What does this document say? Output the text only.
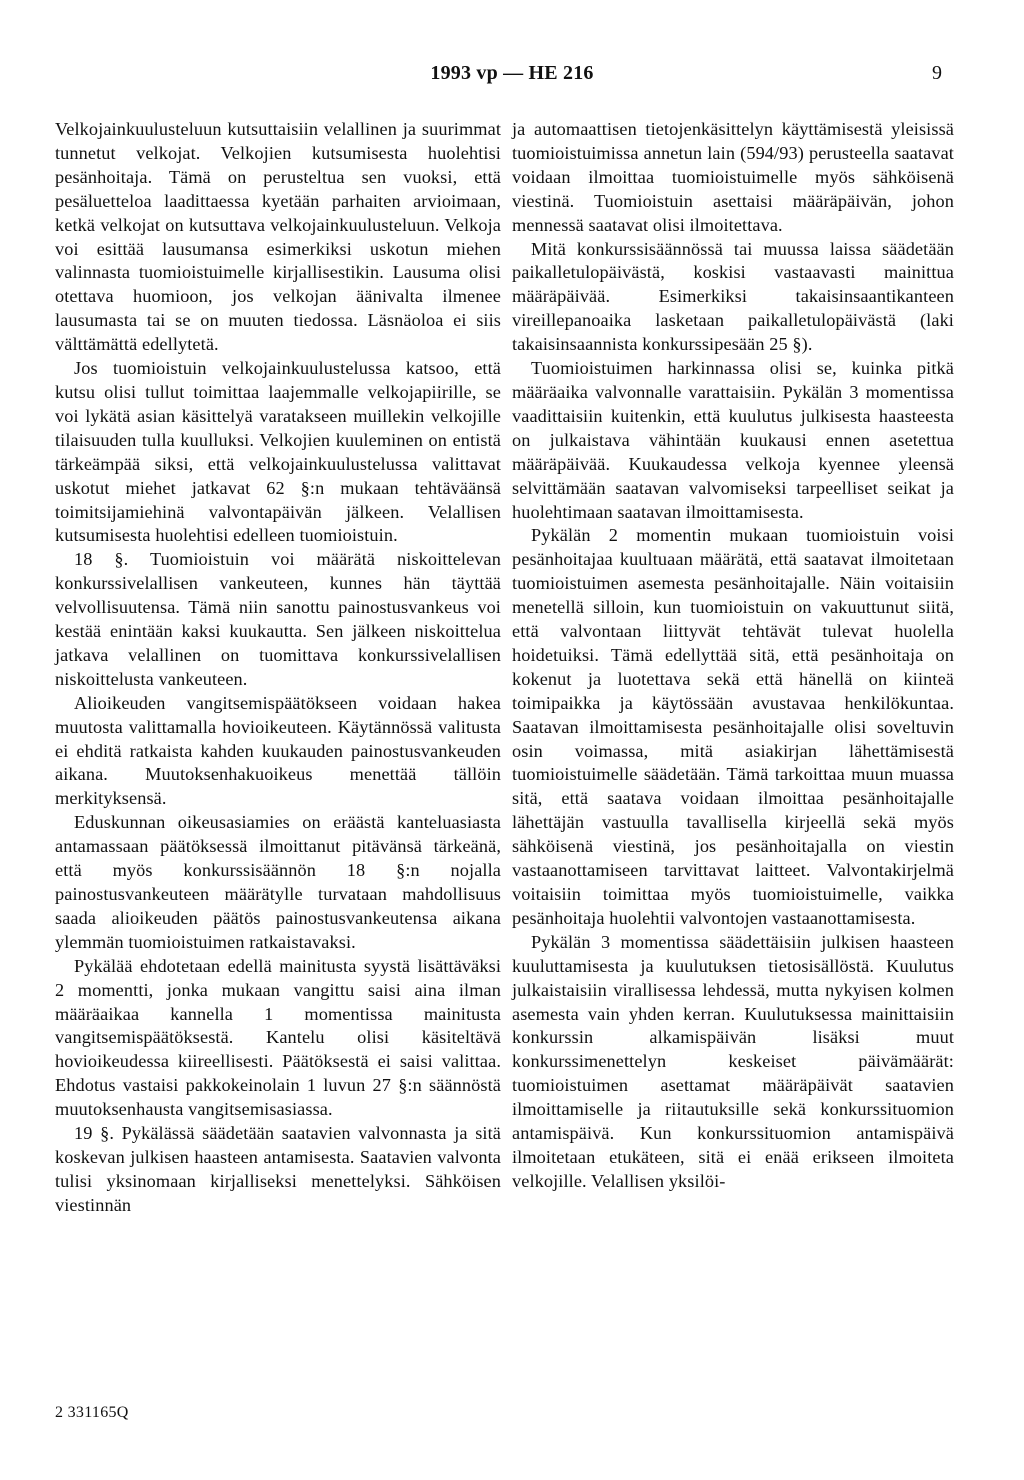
1993 vp — HE 216	9

Velkojainkuulusteluun kutsuttaisiin velallinen ja suurimmat tunnetut velkojat. Velkojien kutsumisesta huolehtisi pesänhoitaja. Tämä on perusteltua sen vuoksi, että pesäluetteloa laadittaessa kyetään parhaiten arvioimaan, ketkä velkojat on kutsuttava velkojainkuulusteluun. Velkoja voi esittää lausumansa esimerkiksi uskotun miehen valinnasta tuomioistuimelle kirjallisestikin. Lausuma olisi otettava huomioon, jos velkojan äänivalta ilmenee lausumasta tai se on muuten tiedossa. Läsnäoloa ei siis välttämättä edellytetä.

Jos tuomioistuin velkojainkuulustelussa katsoo, että kutsu olisi tullut toimittaa laajemmalle velkojapiirille, se voi lykätä asian käsittelyä varatakseen muillekin velkojille tilaisuuden tulla kuulluksi. Velkojien kuuleminen on entistä tärkeämpää siksi, että velkojainkuulustelussa valittavat uskotut miehet jatkavat 62 §:n mukaan tehtäväänsä toimitsijamiehinä valvontapäivän jälkeen. Velallisen kutsumisesta huolehtisi edelleen tuomioistuin.

18 §. Tuomioistuin voi määrätä niskoittelevan konkurssivelallisen vankeuteen, kunnes hän täyttää velvollisuutensa. Tämä niin sanottu painostusvankeus voi kestää enintään kaksi kuukautta. Sen jälkeen niskoittelua jatkava velallinen on tuomittava konkurssivelallisen niskoittelusta vankeuteen.

Alioikeuden vangitsemispäätökseen voidaan hakea muutosta valittamalla hovioikeuteen. Käytännössä valitusta ei ehditä ratkaista kahden kuukauden painostusvankeuden aikana. Muutoksenhakuoikeus menettää tällöin merkityksensä.

Eduskunnan oikeusasiamies on eräästä kanteluasiasta antamassaan päätöksessä ilmoittanut pitävänsä tärkeänä, että myös konkurssisäännön 18 §:n nojalla painostusvankeuteen määrätylle turvataan mahdollisuus saada alioikeuden päätös painostusvankeutensa aikana ylemmän tuomioistuimen ratkaistavaksi.

Pykälää ehdotetaan edellä mainitusta syystä lisättäväksi 2 momentti, jonka mukaan vangittu saisi aina ilman määräaikaa kannella 1 momentissa mainitusta vangitsemispäätöksestä. Kantelu olisi käsiteltävä hovioikeudessa kiireellisesti. Päätöksestä ei saisi valittaa. Ehdotus vastaisi pakkokeinolain 1 luvun 27 §:n säännöstä muutoksenhausta vangitsemisasiassa.

19 §. Pykälässä säädetään saatavien valvonnasta ja sitä koskevan julkisen haasteen antamisesta. Saatavien valvonta tulisi yksinomaan kirjalliseksi menettelyksi. Sähköisen viestinnän

ja automaattisen tietojenkäsittelyn käyttämisestä yleisissä tuomioistuimissa annetun lain (594/93) perusteella saatavat voidaan ilmoittaa tuomioistuimelle myös sähköisenä viestinä. Tuomioistuin asettaisi määräpäivän, johon mennessä saatavat olisi ilmoitettava.

Mitä konkurssisäännössä tai muussa laissa säädetään paikalletulopäivästä, koskisi vastaavasti mainittua määräpäivää. Esimerkiksi takaisinsaantikanteen vireillepanoaika lasketaan paikalletulopäivästä (laki takaisinsaannista konkurssipesään 25 §).

Tuomioistuimen harkinnassa olisi se, kuinka pitkä määräaika valvonnalle varattaisiin. Pykälän 3 momentissa vaadittaisiin kuitenkin, että kuulutus julkisesta haasteesta on julkaistava vähintään kuukausi ennen asetettua määräpäivää. Kuukaudessa velkoja kyennee yleensä selvittämään saatavan valvomiseksi tarpeelliset seikat ja huolehtimaan saatavan ilmoittamisesta.

Pykälän 2 momentin mukaan tuomioistuin voisi pesänhoitajaa kuultuaan määrätä, että saatavat ilmoitetaan tuomioistuimen asemesta pesänhoitajalle. Näin voitaisiin menetellä silloin, kun tuomioistuin on vakuuttunut siitä, että valvontaan liittyvät tehtävät tulevat huolella hoidetuiksi. Tämä edellyttää sitä, että pesänhoitaja on kokenut ja luotettava sekä että hänellä on kiinteä toimipaikka ja käytössään avustavaa henkilökuntaa. Saatavan ilmoittamisesta pesänhoitajalle olisi soveltuvin osin voimassa, mitä asiakirjan lähettämisestä tuomioistuimelle säädetään. Tämä tarkoittaa muun muassa sitä, että saatava voidaan ilmoittaa pesänhoitajalle lähettäjän vastuulla tavallisella kirjeellä sekä myös sähköisenä viestinä, jos pesänhoitajalla on viestin vastaanottamiseen tarvittavat laitteet. Valvontakirjelmä voitaisiin toimittaa myös tuomioistuimelle, vaikka pesänhoitaja huolehtii valvontojen vastaanottamisesta.

Pykälän 3 momentissa säädettäisiin julkisen haasteen kuuluttamisesta ja kuulutuksen tietosisällöstä. Kuulutus julkaistaisiin virallisessa lehdessä, mutta nykyisen kolmen asemesta vain yhden kerran. Kuulutuksessa mainittaisiin konkurssin alkamispäivän lisäksi muut konkurssimenettelyn keskeiset päivämäärät: tuomioistuimen asettamat määräpäivät saatavien ilmoittamiselle ja riitautuksille sekä konkurssituomion antamispäivä. Kun konkurssituomion antamispäivä ilmoitetaan etukäteen, sitä ei enää erikseen ilmoiteta velkojille. Velallisen yksilöi-

2 331165Q
